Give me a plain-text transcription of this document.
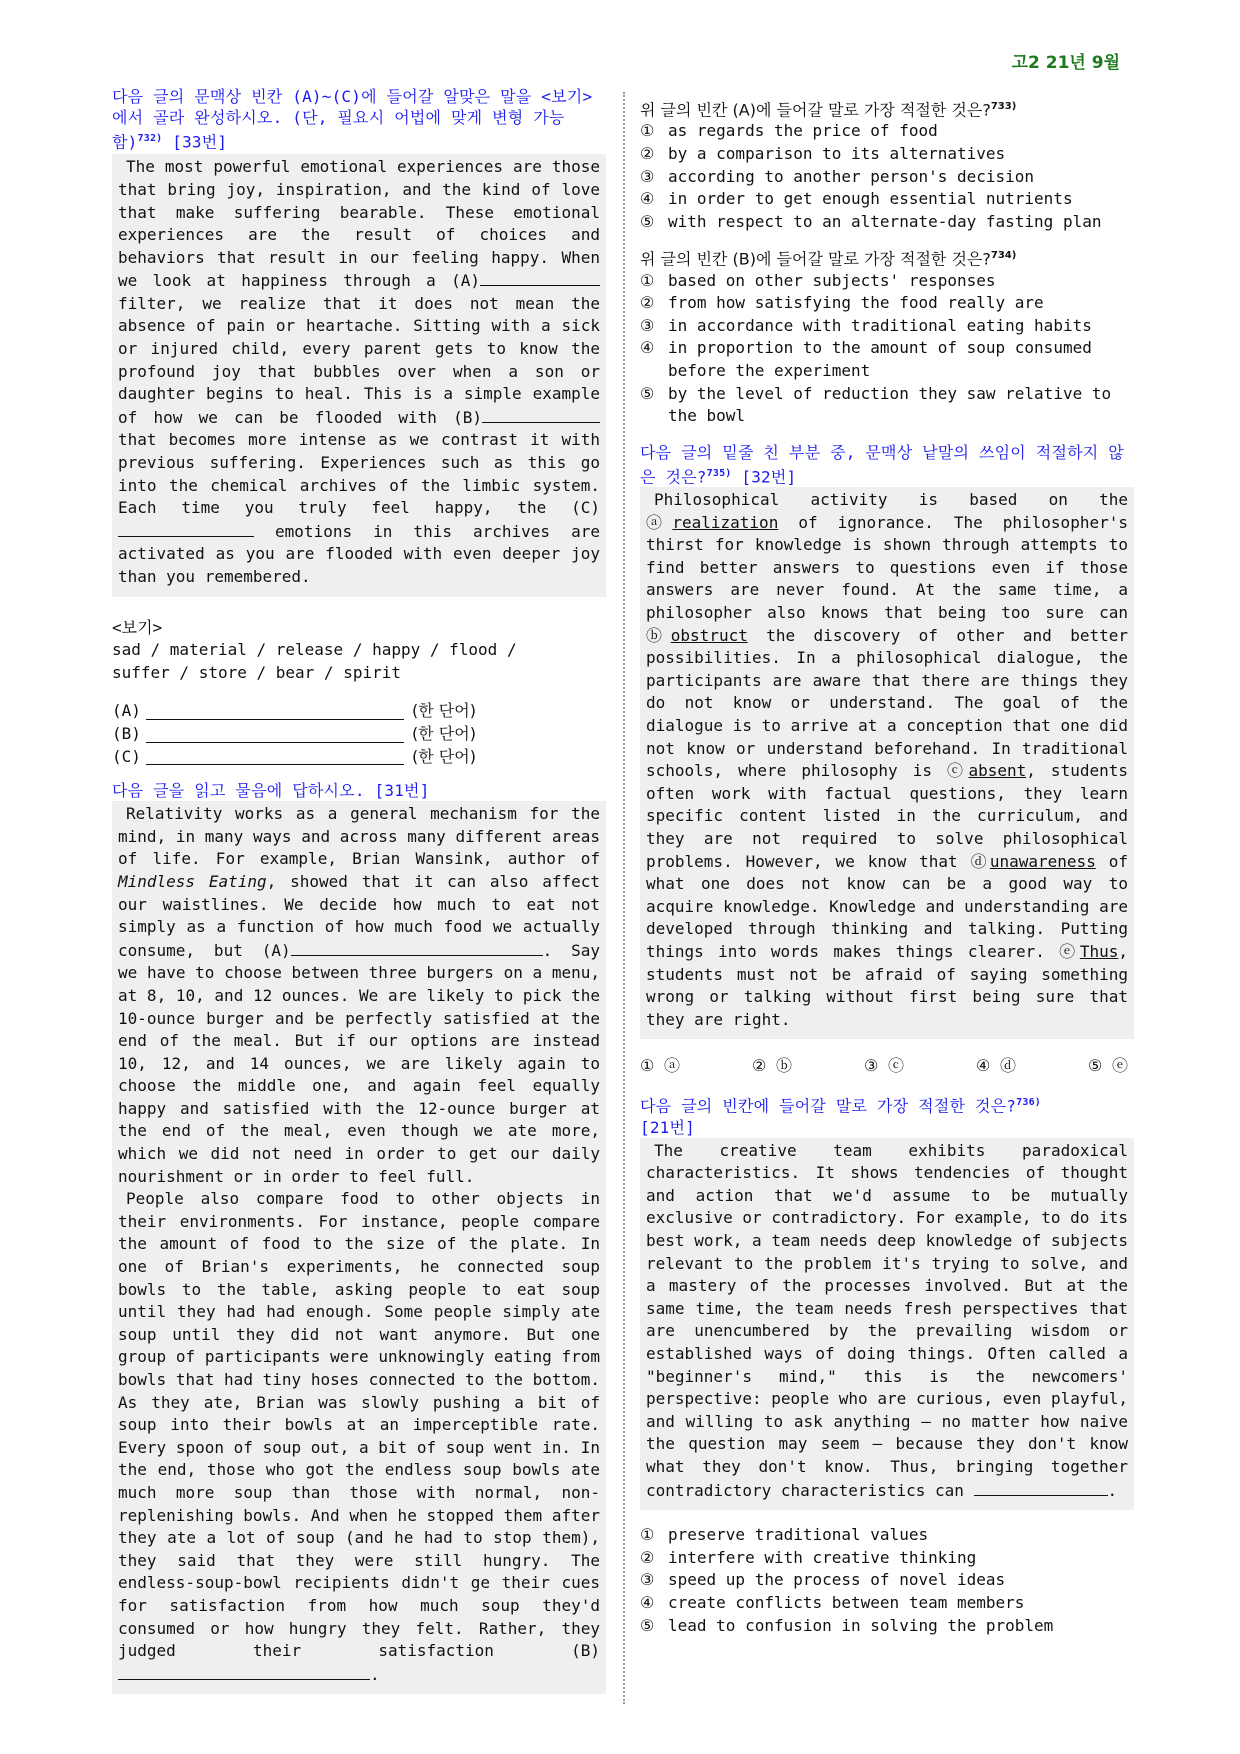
고2 21년 9월

다음 글의 문맥상 빈칸 (A)~(C)에 들어갈 알맞은 말을 <보기>에서 골라 완성하시오. (단, 필요시 어법에 맞게 변형 가능함)$^{732)}$ [33번]

The most powerful emotional experiences are those that bring joy, inspiration, and the kind of love that make suffering bearable. These emotional experiences are the result of choices and behaviors that result in our feeling happy. When we look at happiness through a (A) filter, we realize that it does not mean the absence of pain or heartache. Sitting with a sick or injured child, every parent gets to know the profound joy that bubbles over when a son or daughter begins to heal. This is a simple example of how we can be flooded with (B) that becomes more intense as we contrast it with previous suffering. Experiences such as this go into the chemical archives of the limbic system. Each time you truly feel happy, the (C) emotions in this archives are activated as you are flooded with even deeper joy than you remembered.

<보기>
sad / material / release / happy / flood /
suffer / store / bear / spirit
(A)	(한 단어)
(B)	(한 단어)
(C)	(한 단어)

다음 글을 읽고 물음에 답하시오. [31번]

Relativity works as a general mechanism for the mind, in many ways and across many different areas of life. For example, Brian Wansink, author of Mindless Eating, showed that it can also affect our waistlines. We decide how much to eat not simply as a function of how much food we actually consume, but (A)	. Say we have to choose between three burgers on a menu, at 8, 10, and 12 ounces. We are likely to pick the 10-ounce burger and be perfectly satisfied at the end of the meal. But if our options are instead 10, 12, and 14 ounces, we are likely again to choose the middle one, and again feel equally happy and satisfied with the 12-ounce burger at the end of the meal, even though we ate more, which we did not need in order to get our daily nourishment or in order to feel full.

People also compare food to other objects in their environments. For instance, people compare the amount of food to the size of the plate. In one of Brian's experiments, he connected soup bowls to the table, asking people to eat soup until they had had enough. Some people simply ate soup until they did not want anymore. But one group of participants were unknowingly eating from bowls that had tiny hoses connected to the bottom. As they ate, Brian was slowly pushing a bit of soup into their bowls at an imperceptible rate. Every spoon of soup out, a bit of soup went in. In the end, those who got the endless soup bowls ate much more soup than those with normal, non-replenishing bowls. And when he stopped them after they ate a lot of soup (and he had to stop them), they said that they were still hungry. The endless-soup-bowl recipients didn't ge their cues for satisfaction from how much soup they'd consumed or how hungry they felt. Rather, they judged their satisfaction (B).

위 글의 빈칸 (A)에 들어갈 말로 가장 적절한 것은?$^{733)}$

① as regards the price of food
② by a comparison to its alternatives
③ according to another person's decision
④ in order to get enough essential nutrients
⑤ with respect to an alternate-day fasting plan

위 글의 빈칸 (B)에 들어갈 말로 가장 적절한 것은?$^{734)}$

① based on other subjects' responses
② from how satisfying the food really are
③ in accordance with traditional eating habits
④ in proportion to the amount of soup consumed before the experiment
⑤ by the level of reduction they saw relative to the bowl

다음 글의 밑줄 친 부분 중, 문맥상 낱말의 쓰임이 적절하지 않은 것은?$^{735)}$ [32번]

Philosophical activity is based on the ⓐrealization of ignorance. The philosopher's thirst for knowledge is shown through attempts to find better answers to questions even if those answers are never found. At the same time, a philosopher also knows that being too sure can ⓑobstruct the discovery of other and better possibilities. In a philosophical dialogue, the participants are aware that there are things they do not know or understand. The goal of the dialogue is to arrive at a conception that one did not know or understand beforehand. In traditional schools, where philosophy is ⓒabsent, students often work with factual questions, they learn specific content listed in the curriculum, and they are not required to solve philosophical problems. However, we know that ⓓunawareness of what one does not know can be a good way to acquire knowledge. Knowledge and understanding are developed through thinking and talking. Putting things into words makes things clearer. ⓔThus, students must not be afraid of saying something wrong or talking without first being sure that they are right.

① ⓐ	② ⓑ	③ ⓒ	④ ⓓ	⑤ ⓔ

다음 글의 빈칸에 들어갈 말로 가장 적절한 것은?$^{736)}$
[21번]

The creative team exhibits paradoxical characteristics. It shows tendencies of thought and action that we'd assume to be mutually exclusive or contradictory. For example, to do its best work, a team needs deep knowledge of subjects relevant to the problem it's trying to solve, and a mastery of the processes involved. But at the same time, the team needs fresh perspectives that are unencumbered by the prevailing wisdom or established ways of doing things. Often called a "beginner's mind," this is the newcomers' perspective: people who are curious, even playful, and willing to ask anything — no matter how naive the question may seem — because they don't know what they don't know. Thus, bringing together contradictory characteristics can	.

① preserve traditional values
② interfere with creative thinking
③ speed up the process of novel ideas
④ create conflicts between team members
⑤ lead to confusion in solving the problem
